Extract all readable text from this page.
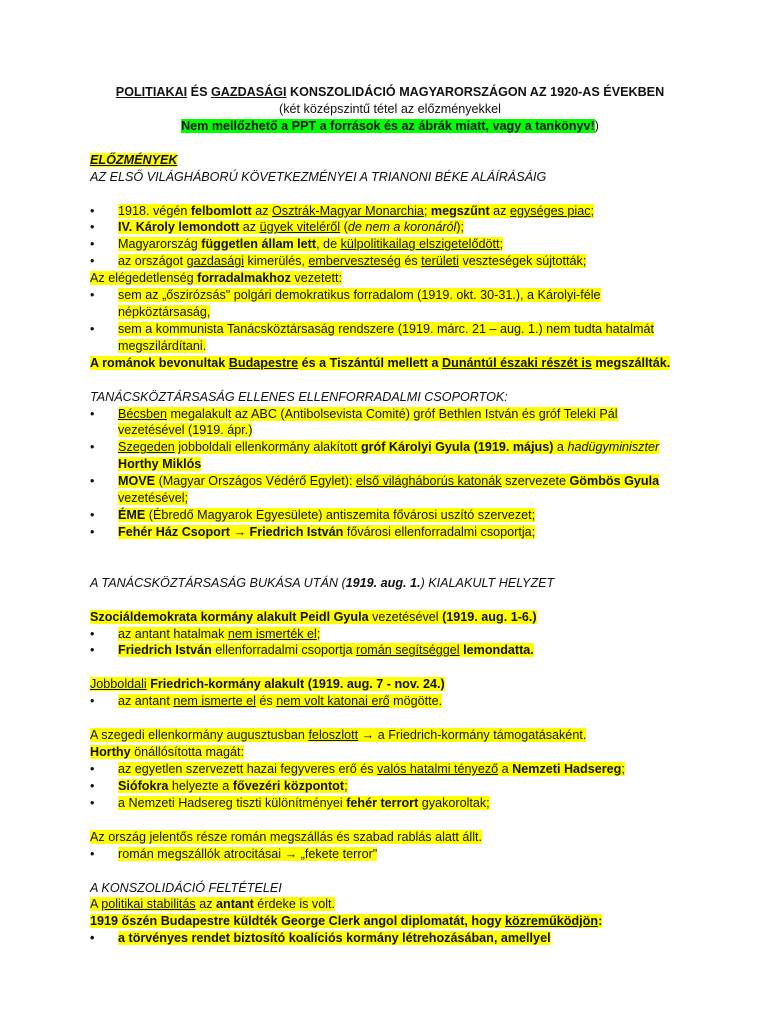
POLITIAKAI ÉS GAZDASÁGI KONSZOLIDÁCIÓ MAGYARORSZÁGON AZ 1920-AS ÉVEKBEN
(két középszintű tétel az előzményekkel
Nem mellőzhető a PPT a források és az ábrák miatt, vagy a tankönyv!)
ELŐZMÉNYEK
AZ ELSŐ VILÁGHÁBORÚ KÖVETKEZMÉNYEI A TRIANONI BÉKE ALÁÍRÁSÁIG
• 1918. végén felbomlott az Osztrák-Magyar Monarchia; megszűnt az egységes piac;
• IV. Károly lemondott az ügyek viteléről (de nem a koronáról);
• Magyarország független állam lett, de külpolitikailag elszigetelődött;
• az országot gazdasági kimerülés, emberveszteség és területi veszteségek sújtották;
Az elégedetlenség forradalmakhoz vezetett:
• sem az „őszirózsás" polgári demokratikus forradalom (1919. okt. 30-31.), a Károlyi-féle
népköztársaság,
• sem a kommunista Tanácsköztársaság rendszere (1919. márc. 21 – aug. 1.) nem tudta hatalmát
megszilárdítani.
A románok bevonultak Budapestre és a Tiszántúl mellett a Dunántúl északi részét is megszállták.
TANÁCSKÖZTÁRSASÁG ELLENES ELLENFORRADALMI CSOPORTOK:
• Bécsben megalakult az ABC (Antibolsevista Comité) gróf Bethlen István és gróf Teleki Pál
vezetésével (1919. ápr.)
• Szegeden jobboldali ellenkormány alakított gróf Károlyi Gyula (1919. május) a hadügyminiszter
Horthy Miklós
• MOVE (Magyar Országos Védérő Egylet): első világháborús katonák szervezete Gömbös Gyula
vezetésével;
• ÉME (Ébredő Magyarok Egyesülete) antiszemita fővárosi uszító szervezet;
• Fehér Ház Csoport → Friedrich István fővárosi ellenforradalmi csoportja;
A TANÁCSKÖZTÁRSASÁG BUKÁSA UTÁN (1919. aug. 1.) KIALAKULT HELYZET
Szociáldemokrata kormány alakult Peidl Gyula vezetésével (1919. aug. 1-6.)
• az antant hatalmak nem ismerték el;
• Friedrich István ellenforradalmi csoportja román segítséggel lemondatta.
Jobboldali Friedrich-kormány alakult (1919. aug. 7 - nov. 24.)
• az antant nem ismerte el és nem volt katonai erő mögötte.
A szegedi ellenkormány augusztusban feloszlott → a Friedrich-kormány támogatásaként.
Horthy önállósította magát:
• az egyetlen szervezett hazai fegyveres erő és valós hatalmi tényező a Nemzeti Hadsereg;
• Siófokra helyezte a fővezéri központot;
• a Nemzeti Hadsereg tiszti különítményei fehér terrort gyakoroltak;
Az ország jelentős része román megszállás és szabad rablás alatt állt.
• román megszállók atrocitásai → „fekete terror"
A KONSZOLIDÁCIÓ FELTÉTELEI
A politikai stabilitás az antant érdeke is volt.
1919 őszén Budapestre küldték George Clerk angol diplomatát, hogy közreműködjön:
• a törvényes rendet biztosító koalíciós kormány létrehozásában, amellyel
